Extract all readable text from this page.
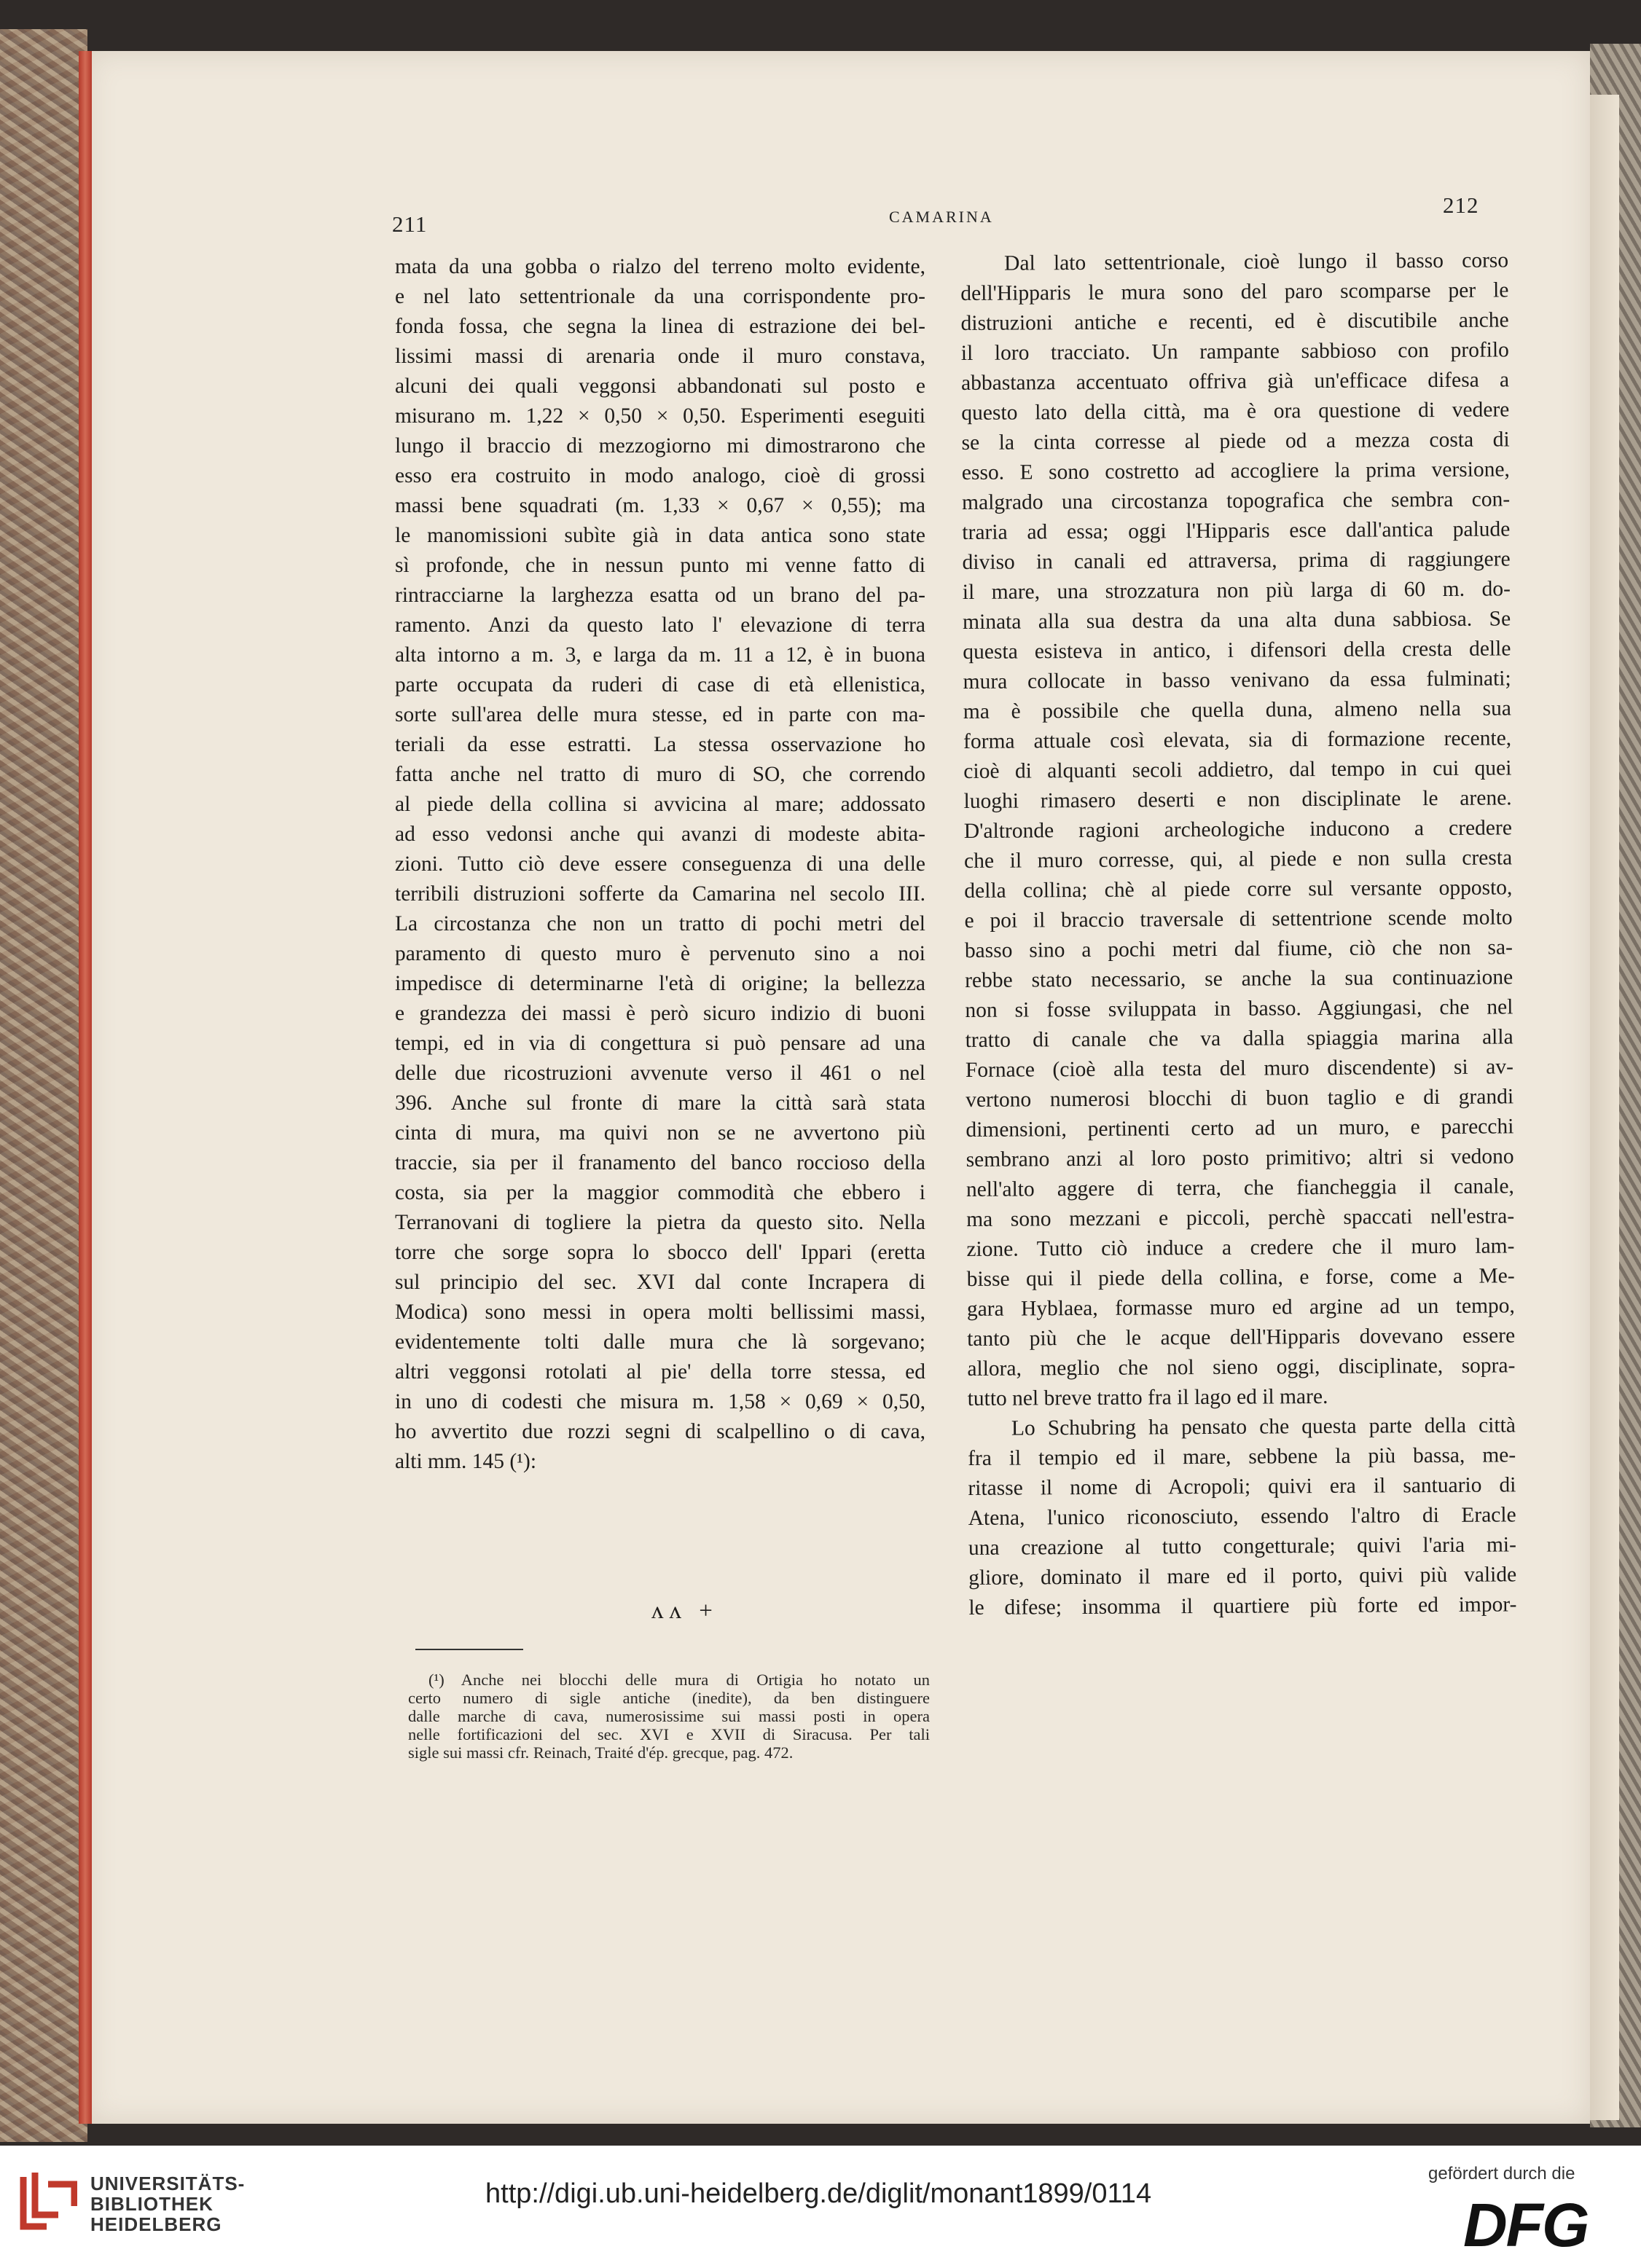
211	CAMARINA	212
mata da una gobba o rialzo del terreno molto evidente,
e nel lato settentrionale da una corrispondente pro-
fonda fossa, che segna la linea di estrazione dei bel-
lissimi massi di arenaria onde il muro constava,
alcuni dei quali veggonsi abbandonati sul posto e
misurano m. 1,22 × 0,50 × 0,50. Esperimenti eseguiti
lungo il braccio di mezzogiorno mi dimostrarono che
esso era costruito in modo analogo, cioè di grossi
massi bene squadrati (m. 1,33 × 0,67 × 0,55); ma
le manomissioni subìte già in data antica sono state
sì profonde, che in nessun punto mi venne fatto di
rintracciarne la larghezza esatta od un brano del pa-
ramento. Anzi da questo lato l' elevazione di terra
alta intorno a m. 3, e larga da m. 11 a 12, è in buona
parte occupata da ruderi di case di età ellenistica,
sorte sull'area delle mura stesse, ed in parte con ma-
teriali da esse estratti. La stessa osservazione ho
fatta anche nel tratto di muro di SO, che correndo
al piede della collina si avvicina al mare; addossato
ad esso vedonsi anche qui avanzi di modeste abita-
zioni. Tutto ciò deve essere conseguenza di una delle
terribili distruzioni sofferte da Camarina nel secolo III.
La circostanza che non un tratto di pochi metri del
paramento di questo muro è pervenuto sino a noi
impedisce di determinarne l'età di origine; la bellezza
e grandezza dei massi è però sicuro indizio di buoni
tempi, ed in via di congettura si può pensare ad una
delle due ricostruzioni avvenute verso il 461 o nel
396. Anche sul fronte di mare la città sarà stata
cinta di mura, ma quivi non se ne avvertono più
traccie, sia per il franamento del banco roccioso della
costa, sia per la maggior commodità che ebbero i
Terranovani di togliere la pietra da questo sito. Nella
torre che sorge sopra lo sbocco dell' Ippari (eretta
sul principio del sec. XVI dal conte Incrapera di
Modica) sono messi in opera molti bellissimi massi,
evidentemente tolti dalle mura che là sorgevano;
altri veggonsi rotolati al pie' della torre stessa, ed
in uno di codesti che misura m. 1,58 × 0,69 × 0,50,
ho avvertito due rozzi segni di scalpellino o di cava,
alti mm. 145 (¹):
ʌʌ +
(¹) Anche nei blocchi delle mura di Ortigia ho notato un
certo numero di sigle antiche (inedite), da ben distinguere
dalle marche di cava, numerosissime sui massi posti in opera
nelle fortificazioni del sec. XVI e XVII di Siracusa. Per tali
sigle sui massi cfr. Reinach, Traité d'ép. grecque, pag. 472.
Dal lato settentrionale, cioè lungo il basso corso
dell'Hipparis le mura sono del paro scomparse per le
distruzioni antiche e recenti, ed è discutibile anche
il loro tracciato. Un rampante sabbioso con profilo
abbastanza accentuato offriva già un'efficace difesa a
questo lato della città, ma è ora questione di vedere
se la cinta corresse al piede od a mezza costa di
esso. E sono costretto ad accogliere la prima versione,
malgrado una circostanza topografica che sembra con-
traria ad essa; oggi l'Hipparis esce dall'antica palude
diviso in canali ed attraversa, prima di raggiungere
il mare, una strozzatura non più larga di 60 m. do-
minata alla sua destra da una alta duna sabbiosa. Se
questa esisteva in antico, i difensori della cresta delle
mura collocate in basso venivano da essa fulminati;
ma è possibile che quella duna, almeno nella sua
forma attuale così elevata, sia di formazione recente,
cioè di alquanti secoli addietro, dal tempo in cui quei
luoghi rimasero deserti e non disciplinate le arene.
D'altronde ragioni archeologiche inducono a credere
che il muro corresse, qui, al piede e non sulla cresta
della collina; chè al piede corre sul versante opposto,
e poi il braccio traversale di settentrione scende molto
basso sino a pochi metri dal fiume, ciò che non sa-
rebbe stato necessario, se anche la sua continuazione
non si fosse sviluppata in basso. Aggiungasi, che nel
tratto di canale che va dalla spiaggia marina alla
Fornace (cioè alla testa del muro discendente) si av-
vertono numerosi blocchi di buon taglio e di grandi
dimensioni, pertinenti certo ad un muro, e parecchi
sembrano anzi al loro posto primitivo; altri si vedono
nell'alto aggere di terra, che fiancheggia il canale,
ma sono mezzani e piccoli, perchè spaccati nell'estra-
zione. Tutto ciò induce a credere che il muro lam-
bisse qui il piede della collina, e forse, come a Me-
gara Hyblaea, formasse muro ed argine ad un tempo,
tanto più che le acque dell'Hipparis dovevano essere
allora, meglio che nol sieno oggi, disciplinate, sopra-
tutto nel breve tratto fra il lago ed il mare.
Lo Schubring ha pensato che questa parte della città
fra il tempio ed il mare, sebbene la più bassa, me-
ritasse il nome di Acropoli; quivi era il santuario di
Atena, l'unico riconosciuto, essendo l'altro di Eracle
una creazione al tutto congetturale; quivi l'aria mi-
gliore, dominato il mare ed il porto, quivi più valide
le difese; insomma il quartiere più forte ed impor-
UNIVERSITÄTS-
BIBLIOTHEK
HEIDELBERG
http://digi.ub.uni-heidelberg.de/diglit/monant1899/0114
gefördert durch die
DFG
